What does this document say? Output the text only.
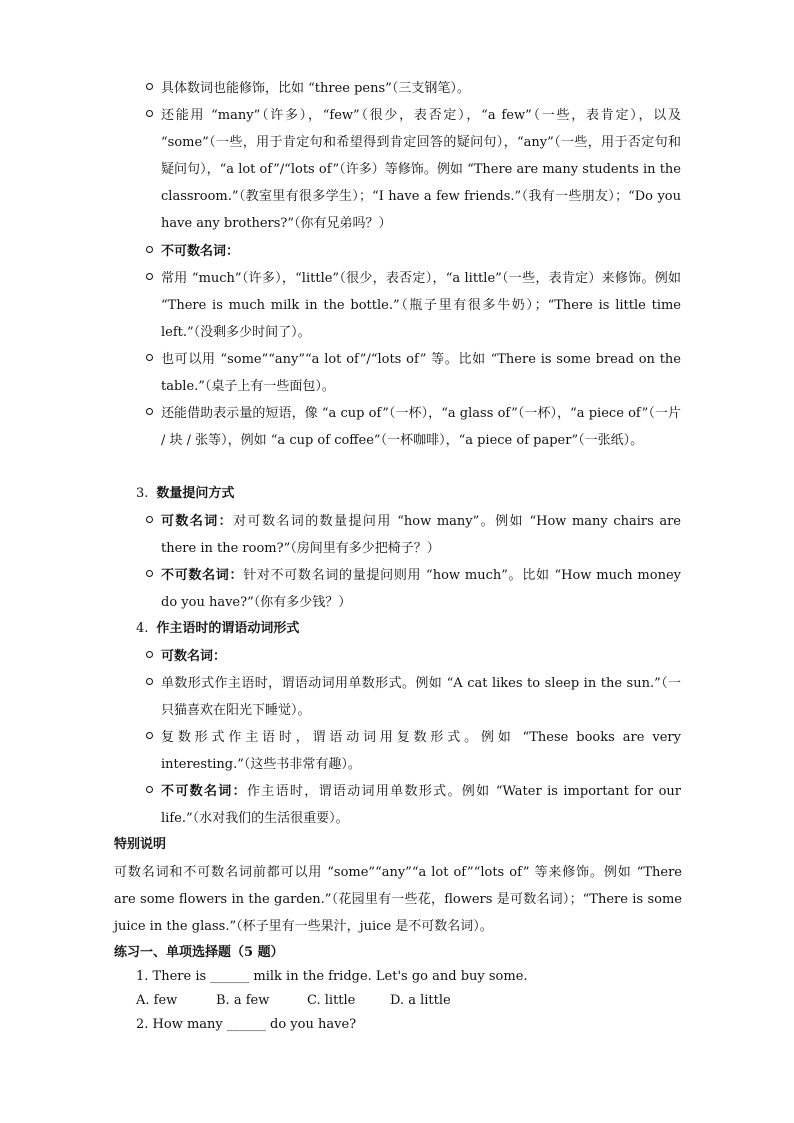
具体数词也能修饰，比如 “three pens”（三支钢笔）。
还能用 “many”（许多），“few”（很少，表否定），“a few”（一些，表肯定），以及 “some”（一些，用于肯定句和希望得到肯定回答的疑问句），“any”（一些，用于否定句和疑问句），“a lot of”/“lots of”（许多）等修饰。例如 “There are many students in the classroom.”（教室里有很多学生）；“I have a few friends.”（我有一些朋友）；“Do you have any brothers?”（你有兄弟吗？）
不可数名词：
常用 “much”（许多），“little”（很少，表否定），“a little”（一些，表肯定）来修饰。例如 “There is much milk in the bottle.”（瓶子里有很多牛奶）；“There is little time left.”（没剩多少时间了）。
也可以用 “some”“any”“a lot of”/“lots of” 等。比如 “There is some bread on the table.”（桌子上有一些面包）。
还能借助表示量的短语，像 “a cup of”（一杯），“a glass of”（一杯），“a piece of”（一片 / 块 / 张等），例如 “a cup of coffee”（一杯咖啡），“a piece of paper”（一张纸）。
3. 数量提问方式
可数名词：对可数名词的数量提问用 “how many”。例如 “How many chairs are there in the room?”（房间里有多少把椅子？）
不可数名词：针对不可数名词的量提问则用 “how much”。比如 “How much money do you have?”（你有多少钱？）
4. 作主语时的谓语动词形式
可数名词：
单数形式作主语时，谓语动词用单数形式。例如 “A cat likes to sleep in the sun.”（一只猫喜欢在阳光下睡觉）。
复数形式作主语时，谓语动词用复数形式。例如 “These books are very interesting.”（这些书非常有趣）。
不可数名词：作主语时，谓语动词用单数形式。例如 “Water is important for our life.”（水对我们的生活很重要）。
特别说明
可数名词和不可数名词前都可以用 “some”“any”“a lot of”“lots of” 等来修饰。例如 “There are some flowers in the garden.”（花园里有一些花，flowers 是可数名词）；“There is some juice in the glass.”（杯子里有一些果汁，juice 是不可数名词）。
练习一、单项选择题（5 题）
1. There is ______ milk in the fridge. Let's go and buy some.
A. few	B. a few	C. little	D. a little
2. How many ______ do you have?
